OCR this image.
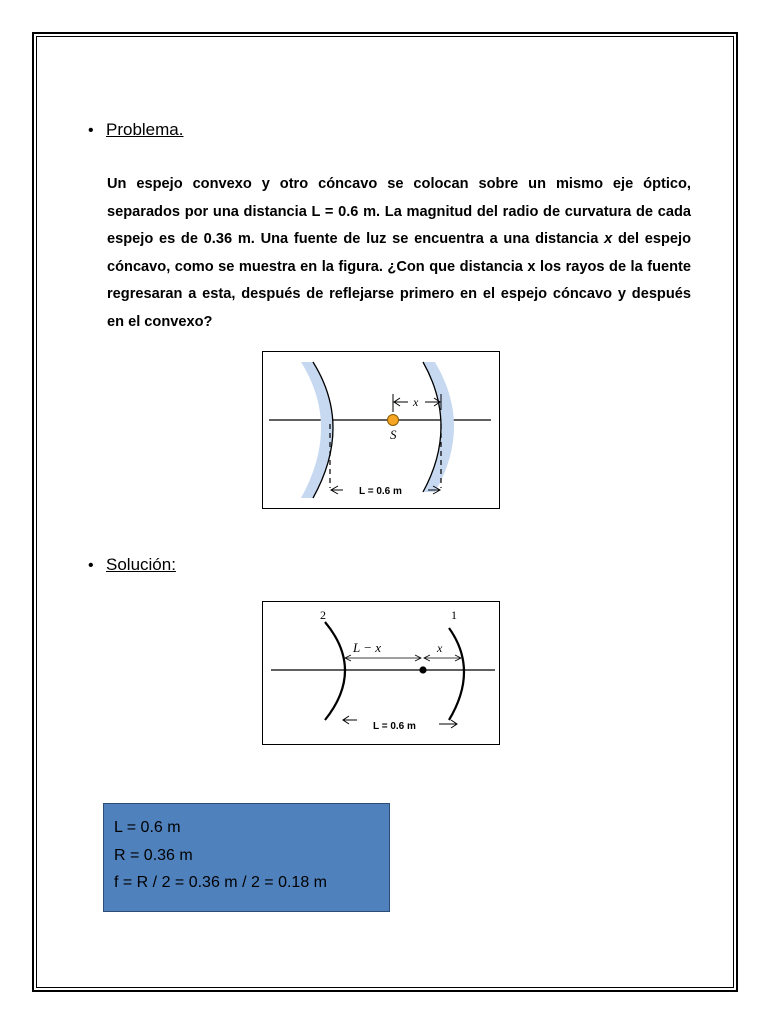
• Problema.
Un espejo convexo y otro cóncavo se colocan sobre un mismo eje óptico, separados por una distancia L = 0.6 m. La magnitud del radio de curvatura de cada espejo es de 0.36 m. Una fuente de luz se encuentra a una distancia x del espejo cóncavo, como se muestra en la figura. ¿Con que distancia x los rayos de la fuente regresaran a esta, después de reflejarse primero en el espejo cóncavo y después en el convexo?
S
x
L = 0.6 m
• Solución:
2	1
L − x	x
L = 0.6 m
L = 0.6 m
R = 0.36 m
f = R / 2 = 0.36 m / 2 = 0.18 m
